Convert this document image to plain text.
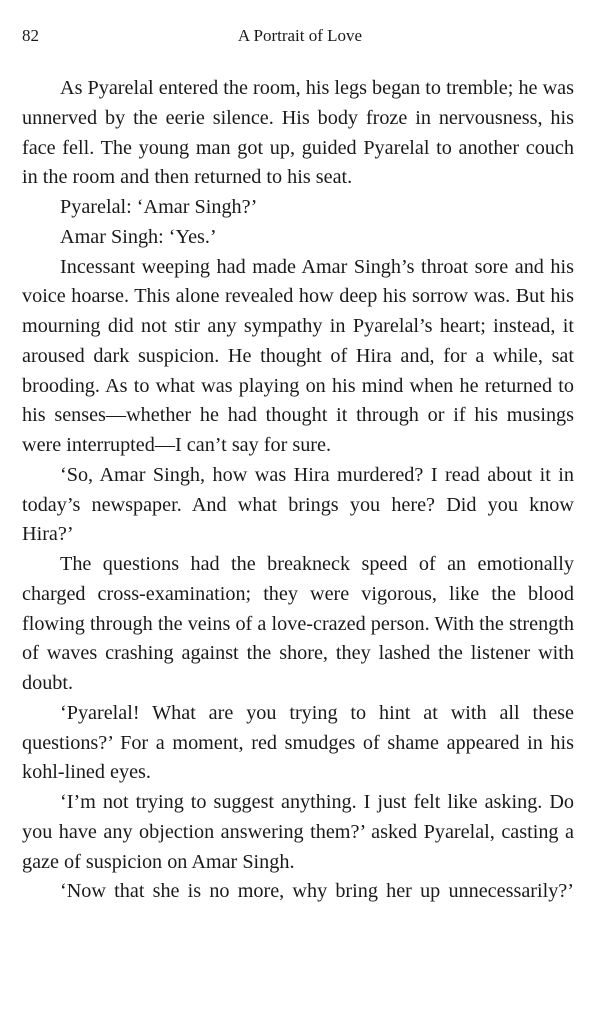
82	A Portrait of Love

As Pyarelal entered the room, his legs began to tremble; he was unnerved by the eerie silence. His body froze in nervousness, his face fell. The young man got up, guided Pyarelal to another couch in the room and then returned to his seat.

Pyarelal: ‘Amar Singh?’

Amar Singh: ‘Yes.’

Incessant weeping had made Amar Singh’s throat sore and his voice hoarse. This alone revealed how deep his sorrow was. But his mourning did not stir any sympathy in Pyarelal’s heart; instead, it aroused dark suspicion. He thought of Hira and, for a while, sat brooding. As to what was playing on his mind when he returned to his senses—whether he had thought it through or if his musings were interrupted—I can’t say for sure.

‘So, Amar Singh, how was Hira murdered? I read about it in today’s newspaper. And what brings you here? Did you know Hira?’

The questions had the breakneck speed of an emotionally charged cross-examination; they were vigorous, like the blood flowing through the veins of a love-crazed person. With the strength of waves crashing against the shore, they lashed the listener with doubt.

‘Pyarelal! What are you trying to hint at with all these questions?’ For a moment, red smudges of shame appeared in his kohl-lined eyes.

‘I’m not trying to suggest anything. I just felt like asking. Do you have any objection answering them?’ asked Pyarelal, casting a gaze of suspicion on Amar Singh.

‘Now that she is no more, why bring her up unnecessarily?’
